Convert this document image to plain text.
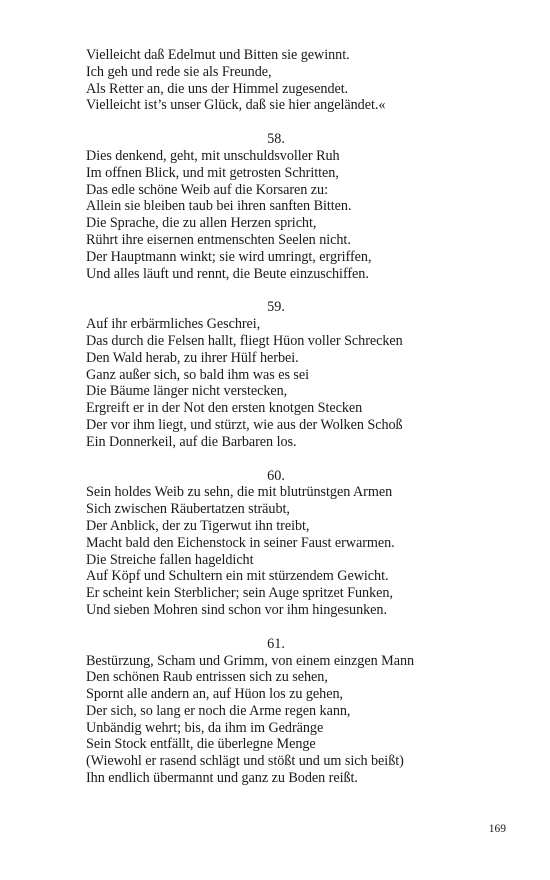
Vielleicht daß Edelmut und Bitten sie gewinnt.
Ich geh und rede sie als Freunde,
Als Retter an, die uns der Himmel zugesendet.
Vielleicht ist’s unser Glück, daß sie hier angeländet.«
58.
Dies denkend, geht, mit unschuldsvoller Ruh
Im offnen Blick, und mit getrosten Schritten,
Das edle schöne Weib auf die Korsaren zu:
Allein sie bleiben taub bei ihren sanften Bitten.
Die Sprache, die zu allen Herzen spricht,
Rührt ihre eisernen entmenschten Seelen nicht.
Der Hauptmann winkt; sie wird umringt, ergriffen,
Und alles läuft und rennt, die Beute einzuschiffen.
59.
Auf ihr erbärmliches Geschrei,
Das durch die Felsen hallt, fliegt Hüon voller Schrecken
Den Wald herab, zu ihrer Hülf herbei.
Ganz außer sich, so bald ihm was es sei
Die Bäume länger nicht verstecken,
Ergreift er in der Not den ersten knotgen Stecken
Der vor ihm liegt, und stürzt, wie aus der Wolken Schoß
Ein Donnerkeil, auf die Barbaren los.
60.
Sein holdes Weib zu sehn, die mit blutrünstgen Armen
Sich zwischen Räubertatzen sträubt,
Der Anblick, der zu Tigerwut ihn treibt,
Macht bald den Eichenstock in seiner Faust erwarmen.
Die Streiche fallen hageldicht
Auf Köpf und Schultern ein mit stürzendem Gewicht.
Er scheint kein Sterblicher; sein Auge spritzet Funken,
Und sieben Mohren sind schon vor ihm hingesunken.
61.
Bestürzung, Scham und Grimm, von einem einzgen Mann
Den schönen Raub entrissen sich zu sehen,
Spornt alle andern an, auf Hüon los zu gehen,
Der sich, so lang er noch die Arme regen kann,
Unbändig wehrt; bis, da ihm im Gedränge
Sein Stock entfällt, die überlegne Menge
(Wiewohl er rasend schlägt und stößt und um sich beißt)
Ihn endlich übermannt und ganz zu Boden reißt.
169
